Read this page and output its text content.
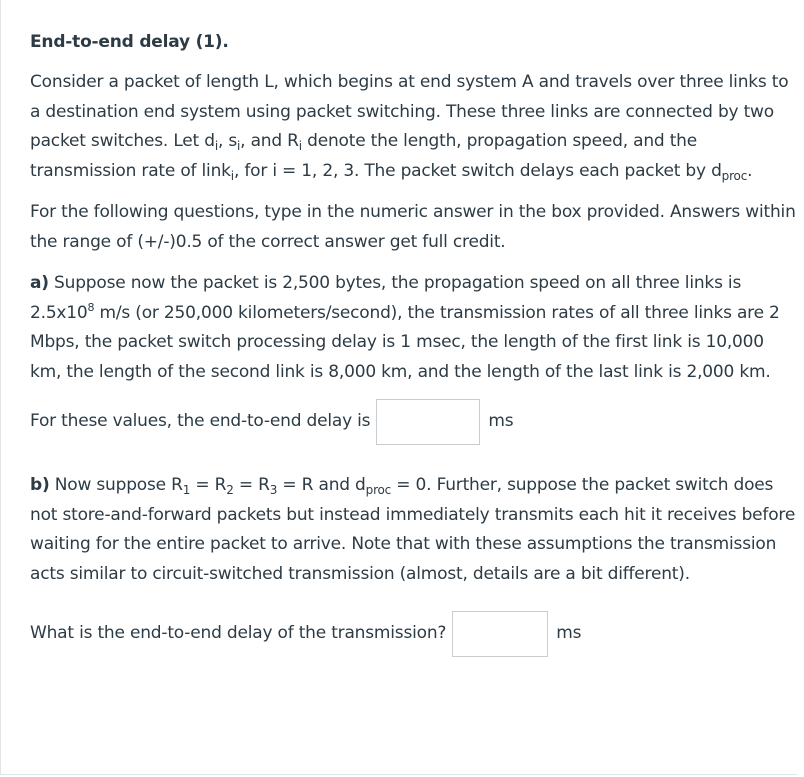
End-to-end delay (1).

Consider a packet of length L, which begins at end system A and travels over three links to a destination end system using packet switching. These three links are connected by two packet switches. Let $d_i$, $s_i$, and $R_i$ denote the length, propagation speed, and the transmission rate of link$_i$, for i = 1, 2, 3. The packet switch delays each packet by $d_{proc}$.

For the following questions, type in the numeric answer in the box provided. Answers within the range of (+/-)0.5 of the correct answer get full credit.

a) Suppose now the packet is 2,500 bytes, the propagation speed on all three links is $2.5x10^8$ m/s (or 250,000 kilometers/second), the transmission rates of all three links are 2 Mbps, the packet switch processing delay is 1 msec, the length of the first link is 10,000 km, the length of the second link is 8,000 km, and the length of the last link is 2,000 km.

For these values, the end-to-end delay is	ms

b) Now suppose $R_1 = R_2 = R_3 = R$ and $d_{proc} = 0$. Further, suppose the packet switch does not store-and-forward packets but instead immediately transmits each hit it receives before waiting for the entire packet to arrive. Note that with these assumptions the transmission acts similar to circuit-switched transmission (almost, details are a bit different).

What is the end-to-end delay of the transmission?	ms
